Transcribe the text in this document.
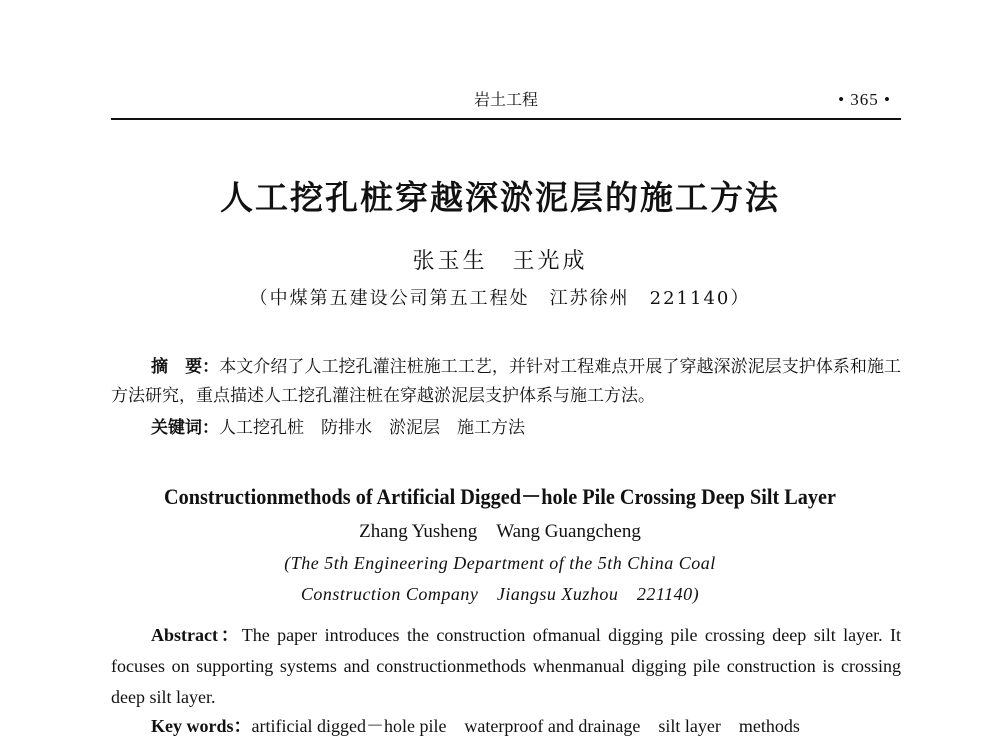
岩土工程	• 365 •
人工挖孔桩穿越深淤泥层的施工方法

张玉生　王光成

（中煤第五建设公司第五工程处　江苏徐州　221140）

摘　要：本文介绍了人工挖孔灌注桩施工工艺，并针对工程难点开展了穿越深淤泥层支护体系和施工方法研究，重点描述人工挖孔灌注桩在穿越淤泥层支护体系与施工方法。

关键词：人工挖孔桩　防排水　淤泥层　施工方法

Constructionmethods of Artificial Digged－hole Pile Crossing Deep Silt Layer

Zhang Yusheng　Wang Guangcheng

(The 5th Engineering Department of the 5th China Coal

Construction Company　Jiangsu Xuzhou　221140)

Abstract：The paper introduces the construction ofmanual digging pile crossing deep silt layer. It focuses on supporting systems and constructionmethods whenmanual digging pile construction is crossing deep silt layer.

Key words：artificial digged－hole pile　waterproof and drainage　silt layer　methods
